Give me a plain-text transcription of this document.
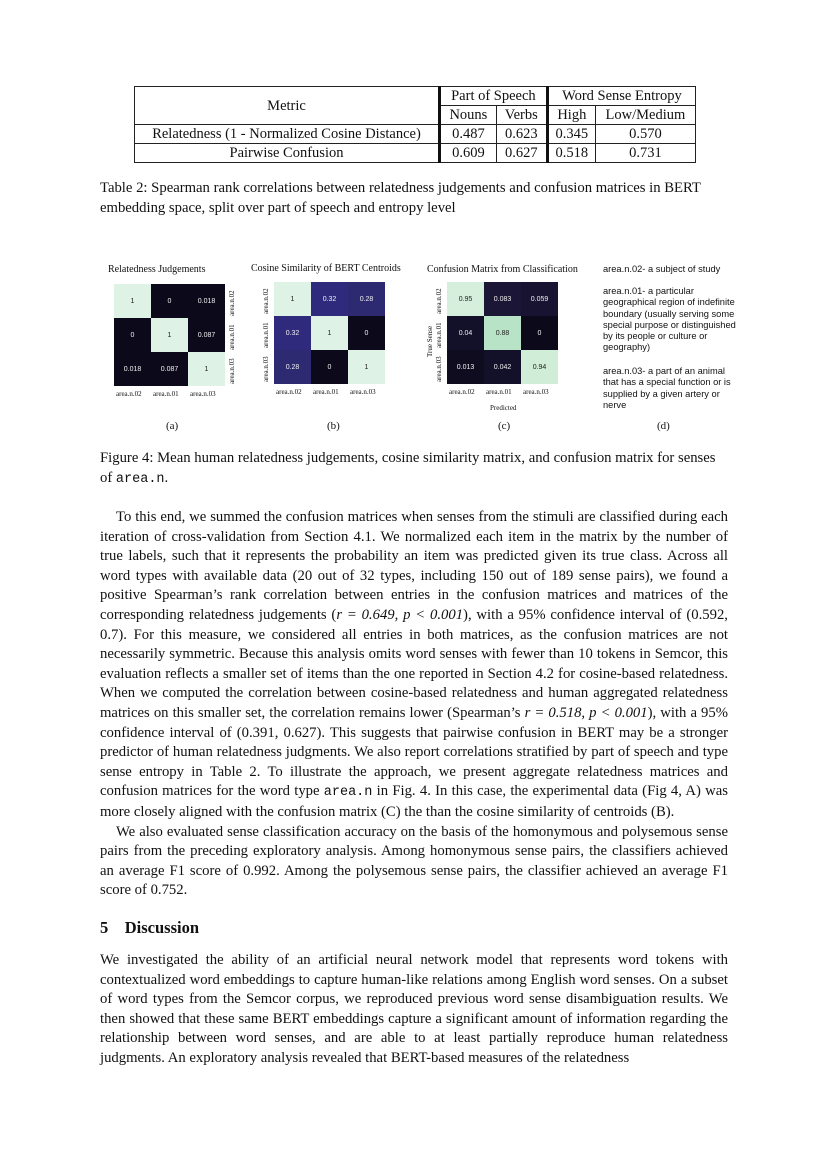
Metric	Part of Speech		Word Sense Entropy	
	Nouns	Verbs	High	Low/Medium
Relatedness (1 - Normalized Cosine Distance)	0.487	0.623	0.345	0.570
Pairwise Confusion	0.609	0.627	0.518	0.731
Table 2: Spearman rank correlations between relatedness judgements and confusion matrices in BERT embedding space, split over part of speech and entropy level
Relatedness Judgements
1	0	0.018
0	1	0.087
0.018	0.087	1
area.n.02 area.n.01 area.n.03
area.n.02
area.n.01
area.n.03
(a)
Cosine Similarity of BERT Centroids
1	0.32	0.28
0.32	1	0
0.28	0	1
area.n.02 area.n.01 area.n.03
area.n.02
area.n.01
area.n.03
(b)
Confusion Matrix from Classification
0.95	0.083	0.059
0.04	0.88	0
0.013	0.042	0.94
area.n.02 area.n.01 area.n.03
area.n.02
area.n.01
area.n.03
True Sense
Predicted
(c)
area.n.02- a subject of study
area.n.01- a particular geographical region of indefinite boundary (usually serving some special purpose or distinguished by its people or culture or geography)
area.n.03- a part of an animal that has a special function or is supplied by a given artery or nerve
(d)
Figure 4: Mean human relatedness judgements, cosine similarity matrix, and confusion matrix for senses of area.n.

To this end, we summed the confusion matrices when senses from the stimuli are classified during each iteration of cross-validation from Section 4.1. We normalized each item in the matrix by the number of true labels, such that it represents the probability an item was predicted given its true class. Across all word types with available data (20 out of 32 types, including 150 out of 189 sense pairs), we found a positive Spearman’s rank correlation between entries in the confusion matrices and matrices of the corresponding relatedness judgements (r = 0.649, p < 0.001), with a 95% confidence interval of (0.592, 0.7). For this measure, we considered all entries in both matrices, as the confusion matrices are not necessarily symmetric. Because this analysis omits word senses with fewer than 10 tokens in Semcor, this evaluation reflects a smaller set of items than the one reported in Section 4.2 for cosine-based relatedness. When we computed the correlation between cosine-based relatedness and human aggregated relatedness matrices on this smaller set, the correlation remains lower (Spearman’s r = 0.518, p < 0.001), with a 95% confidence interval of (0.391, 0.627). This suggests that pairwise confusion in BERT may be a stronger predictor of human relatedness judgments. We also report correlations stratified by part of speech and type sense entropy in Table 2. To illustrate the approach, we present aggregate relatedness matrices and confusion matrices for the word type area.n in Fig. 4. In this case, the experimental data (Fig 4, A) was more closely aligned with the confusion matrix (C) the than the cosine similarity of centroids (B).

We also evaluated sense classification accuracy on the basis of the homonymous and polysemous sense pairs from the preceding exploratory analysis. Among homonymous sense pairs, the classifiers achieved an average F1 score of 0.992. Among the polysemous sense pairs, the classifier achieved an average F1 score of 0.752.

5 Discussion

We investigated the ability of an artificial neural network model that represents word tokens with contextualized word embeddings to capture human-like relations among English word senses. On a subset of word types from the Semcor corpus, we reproduced previous word sense disambiguation results. We then showed that these same BERT embeddings capture a significant amount of information regarding the relationship between word senses, and are able to at least partially reproduce human relatedness judgments. An exploratory analysis revealed that BERT-based measures of the relatedness
